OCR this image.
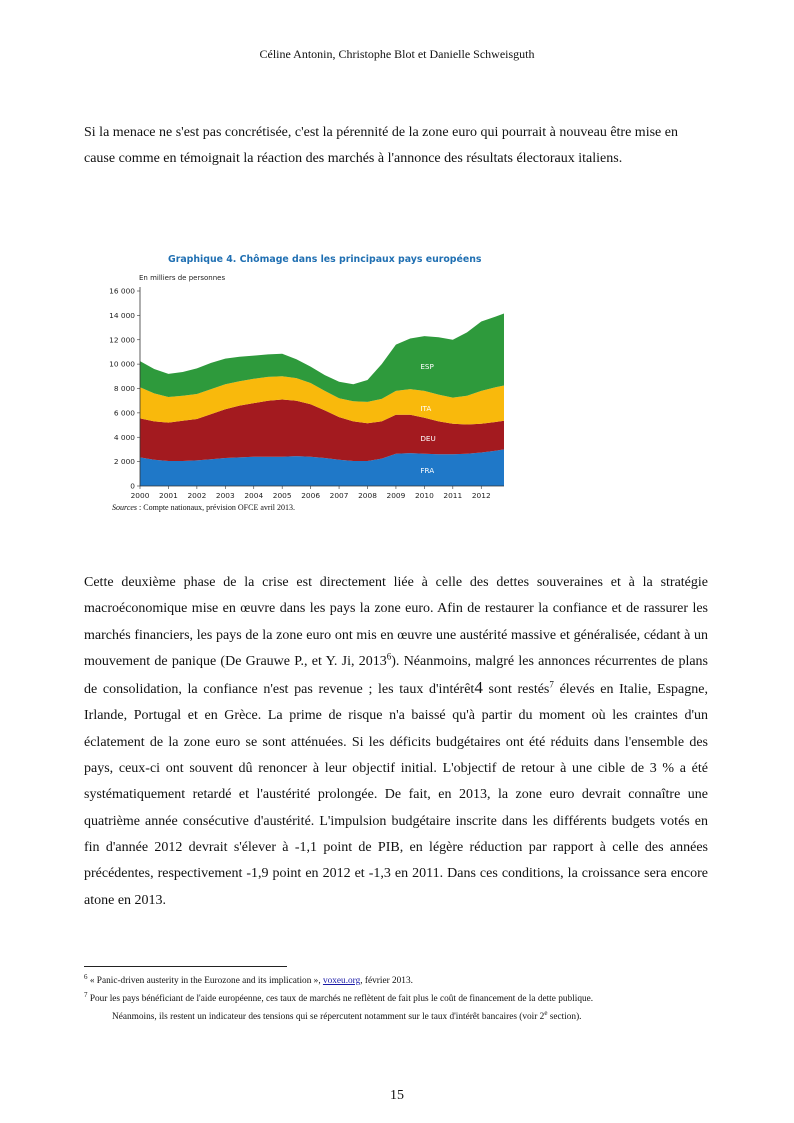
Céline Antonin, Christophe Blot et Danielle Schweisguth

Si la menace ne s'est pas concrétisée, c'est la pérennité de la zone euro qui pourrait à nouveau être mise en cause comme en témoignait la réaction des marchés à l'annonce des résultats électoraux italiens.

Graphique 4. Chômage dans les principaux pays européens
En milliers de personnes
FRA
DEU
ITA
ESP
0
2 000
4 000
6 000
8 000
10 000
12 000
14 000
16 000
2000 2001 2002 2003 2004 2005 2006 2007 2008 2009 2010 2011 2012
Sources : Compte nationaux, prévision OFCE avril 2013.

Cette deuxième phase de la crise est directement liée à celle des dettes souveraines et à la stratégie macroéconomique mise en œuvre dans les pays la zone euro. Afin de restaurer la confiance et de rassurer les marchés financiers, les pays de la zone euro ont mis en œuvre une austérité massive et généralisée, cédant à un mouvement de panique (De Grauwe P., et Y. Ji, 2013$^6$). Néanmoins, malgré les annonces récurrentes de plans de consolidation, la confiance n'est pas revenue ; les taux d'intérêt4 sont restés$^7$ élevés en Italie, Espagne, Irlande, Portugal et en Grèce. La prime de risque n'a baissé qu'à partir du moment où les craintes d'un éclatement de la zone euro se sont atténuées. Si les déficits budgétaires ont été réduits dans l'ensemble des pays, ceux-ci ont souvent dû renoncer à leur objectif initial. L'objectif de retour à une cible de 3 % a été systématiquement retardé et l'austérité prolongée. De fait, en 2013, la zone euro devrait connaître une quatrième année consécutive d'austérité. L'impulsion budgétaire inscrite dans les différents budgets votés en fin d'année 2012 devrait s'élever à -1,1 point de PIB, en légère réduction par rapport à celle des années précédentes, respectivement -1,9 point en 2012 et -1,3 en 2011. Dans ces conditions, la croissance sera encore atone en 2013.

$^6$ « Panic-driven austerity in the Eurozone and its implication », voxeu.org, février 2013.

$^7$ Pour les pays bénéficiant de l'aide européenne, ces taux de marchés ne reflètent de fait plus le coût de financement de la dette publique.

Néanmoins, ils restent un indicateur des tensions qui se répercutent notamment sur le taux d'intérêt bancaires (voir 2e section).

15
